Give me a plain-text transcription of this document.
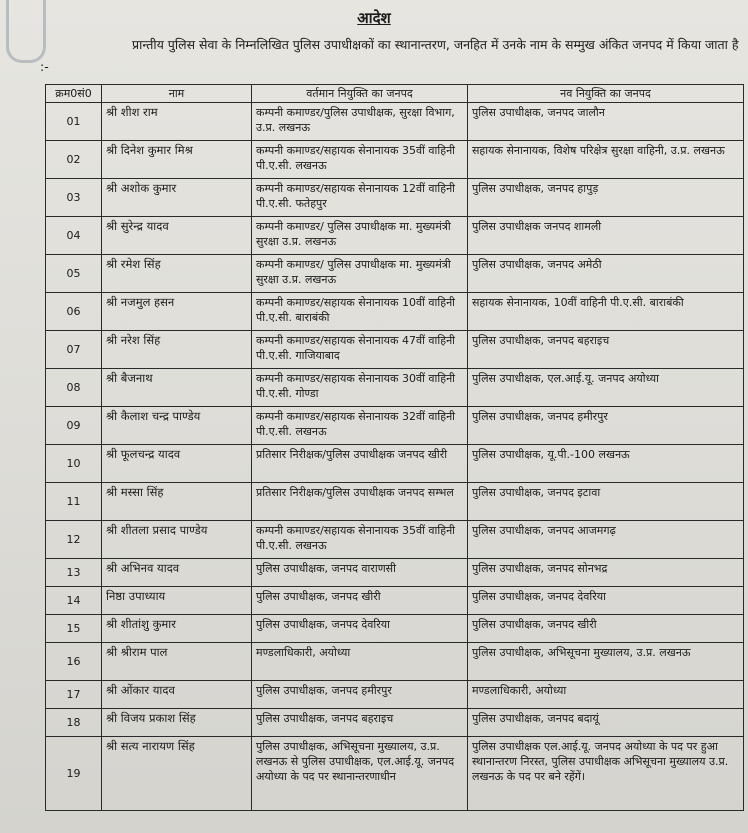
आदेश
प्रान्तीय पुलिस सेवा के निम्नलिखित पुलिस उपाधीक्षकों का स्थानान्तरण, जनहित में उनके नाम के सम्मुख अंकित जनपद में किया जाता है :-
क्रम0सं0	नाम	वर्तमान नियुक्ति का जनपद	नव नियुक्ति का जनपद
01	श्री शीश राम	कम्पनी कमाण्डर/पुलिस उपाधीक्षक, सुरक्षा विभाग, उ.प्र. लखनऊ	पुलिस उपाधीक्षक, जनपद जालौन
02	श्री दिनेश कुमार मिश्र	कम्पनी कमाण्डर/सहायक सेनानायक 35वीं वाहिनी पी.ए.सी. लखनऊ	सहायक सेनानायक, विशेष परिक्षेत्र सुरक्षा वाहिनी, उ.प्र. लखनऊ
03	श्री अशोक कुमार	कम्पनी कमाण्डर/सहायक सेनानायक 12वीं वाहिनी पी.ए.सी. फतेहपुर	पुलिस उपाधीक्षक, जनपद हापुड़
04	श्री सुरेन्द्र यादव	कम्पनी कमाण्डर/ पुलिस उपाधीक्षक मा. मुख्यमंत्री सुरक्षा उ.प्र. लखनऊ	पुलिस उपाधीक्षक जनपद शामली
05	श्री रमेश सिंह	कम्पनी कमाण्डर/ पुलिस उपाधीक्षक मा. मुख्यमंत्री सुरक्षा उ.प्र. लखनऊ	पुलिस उपाधीक्षक, जनपद अमेठी
06	श्री नजमुल हसन	कम्पनी कमाण्डर/सहायक सेनानायक 10वीं वाहिनी पी.ए.सी. बाराबंकी	सहायक सेनानायक, 10वीं वाहिनी पी.ए.सी. बाराबंकी
07	श्री नरेश सिंह	कम्पनी कमाण्डर/सहायक सेनानायक 47वीं वाहिनी पी.ए.सी. गाजियाबाद	पुलिस उपाधीक्षक, जनपद बहराइच
08	श्री बैजनाथ	कम्पनी कमाण्डर/सहायक सेनानायक 30वीं वाहिनी पी.ए.सी. गोण्डा	पुलिस उपाधीक्षक, एल.आई.यू. जनपद अयोध्या
09	श्री कैलाश चन्द्र पाण्डेय	कम्पनी कमाण्डर/सहायक सेनानायक 32वीं वाहिनी पी.ए.सी. लखनऊ	पुलिस उपाधीक्षक, जनपद हमीरपुर
10	श्री फूलचन्द्र यादव	प्रतिसार निरीक्षक/पुलिस उपाधीक्षक जनपद खीरी	पुलिस उपाधीक्षक, यू.पी.-100 लखनऊ
11	श्री मस्सा सिंह	प्रतिसार निरीक्षक/पुलिस उपाधीक्षक जनपद सम्भल	पुलिस उपाधीक्षक, जनपद इटावा
12	श्री शीतला प्रसाद पाण्डेय	कम्पनी कमाण्डर/सहायक सेनानायक 35वीं वाहिनी पी.ए.सी. लखनऊ	पुलिस उपाधीक्षक, जनपद आजमगढ़
13	श्री अभिनव यादव	पुलिस उपाधीक्षक, जनपद वाराणसी	पुलिस उपाधीक्षक, जनपद सोनभद्र
14	निष्ठा उपाध्याय	पुलिस उपाधीक्षक, जनपद खीरी	पुलिस उपाधीक्षक, जनपद देवरिया
15	श्री शीतांशु कुमार	पुलिस उपाधीक्षक, जनपद देवरिया	पुलिस उपाधीक्षक, जनपद खीरी
16	श्री श्रीराम पाल	मण्डलाधिकारी, अयोध्या	पुलिस उपाधीक्षक, अभिसूचना मुख्यालय, उ.प्र. लखनऊ
17	श्री ओंकार यादव	पुलिस उपाधीक्षक, जनपद हमीरपुर	मण्डलाधिकारी, अयोध्या
18	श्री विजय प्रकाश सिंह	पुलिस उपाधीक्षक, जनपद बहराइच	पुलिस उपाधीक्षक, जनपद बदायूं
19	श्री सत्य नारायण सिंह	पुलिस उपाधीक्षक, अभिसूचना मुख्यालय, उ.प्र. लखनऊ से पुलिस उपाधीक्षक, एल.आई.यू. जनपद अयोध्या के पद पर स्थानान्तरणाधीन	पुलिस उपाधीक्षक एल.आई.यू. जनपद अयोध्या के पद पर हुआ स्थानान्तरण निरस्त, पुलिस उपाधीक्षक अभिसूचना मुख्यालय उ.प्र. लखनऊ के पद पर बने रहेंगें।
